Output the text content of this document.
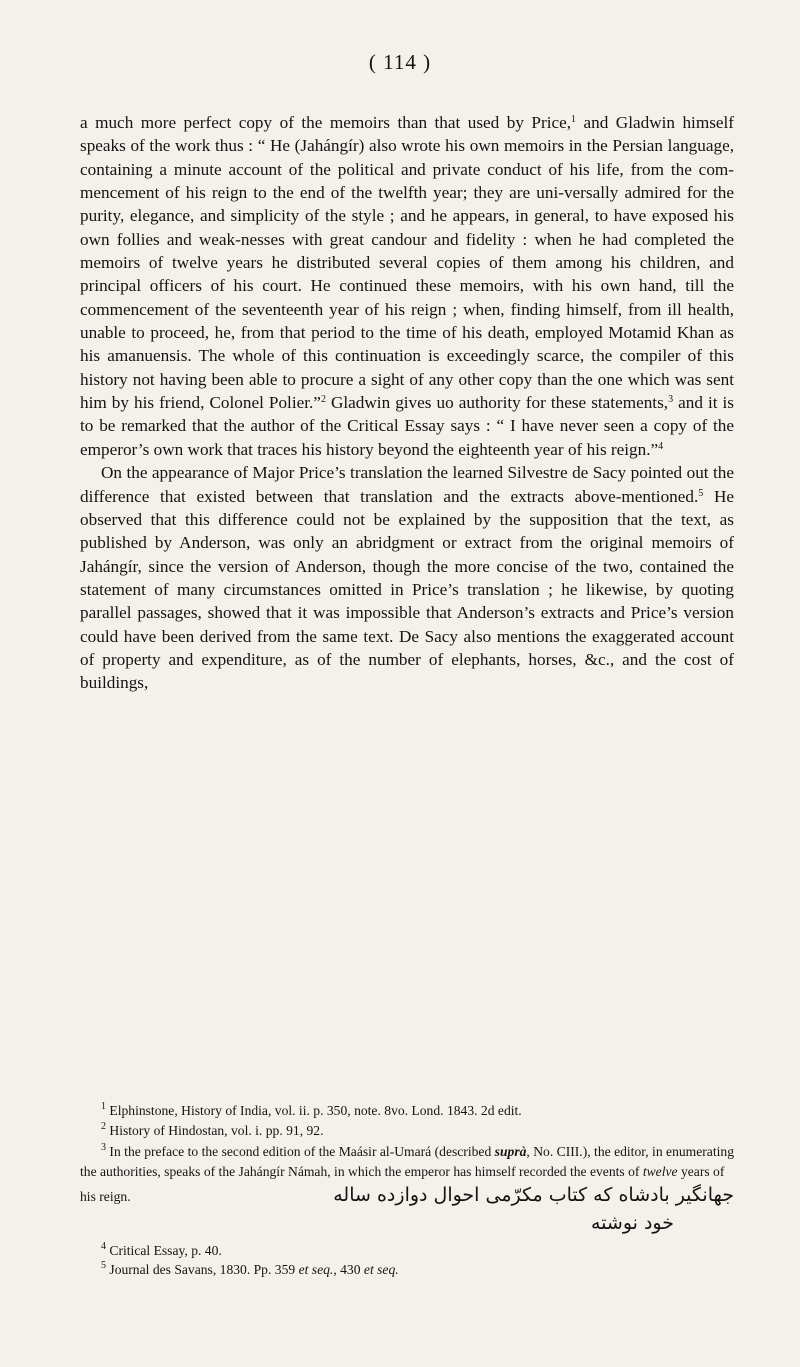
( 114 )

a much more perfect copy of the memoirs than that used by Price,$^1$ and Gladwin himself speaks of the work thus : “ He (Jahángír) also wrote his own memoirs in the Persian language, containing a minute account of the political and private conduct of his life, from the com-mencement of his reign to the end of the twelfth year; they are uni-versally admired for the purity, elegance, and simplicity of the style ; and he appears, in general, to have exposed his own follies and weak-nesses with great candour and fidelity : when he had completed the memoirs of twelve years he distributed several copies of them among his children, and principal officers of his court. He continued these memoirs, with his own hand, till the commencement of the seventeenth year of his reign ; when, finding himself, from ill health, unable to proceed, he, from that period to the time of his death, employed Motamid Khan as his amanuensis. The whole of this continuation is exceedingly scarce, the compiler of this history not having been able to procure a sight of any other copy than the one which was sent him by his friend, Colonel Polier.”$^2$ Gladwin gives uo authority for these statements,$^3$ and it is to be remarked that the author of the Critical Essay says : “ I have never seen a copy of the emperor’s own work that traces his history beyond the eighteenth year of his reign.”$^4$

On the appearance of Major Price’s translation the learned Silvestre de Sacy pointed out the difference that existed between that translation and the extracts above-mentioned.$^5$ He observed that this difference could not be explained by the supposition that the text, as published by Anderson, was only an abridgment or extract from the original memoirs of Jahángír, since the version of Anderson, though the more concise of the two, contained the statement of many circumstances omitted in Price’s translation ; he likewise, by quoting parallel passages, showed that it was impossible that Anderson’s extracts and Price’s version could have been derived from the same text. De Sacy also mentions the exaggerated account of property and expenditure, as of the number of elephants, horses, &c., and the cost of buildings,

$^1$ Elphinstone, History of India, vol. ii. p. 350, note. 8vo. Lond. 1843. 2d edit.

$^2$ History of Hindostan, vol. i. pp. 91, 92.

$^3$ In the preface to the second edition of the Maásir al-Umará (described suprà, No. CIII.), the editor, in enumerating the authorities, speaks of the Jahángír Námah, in which the emperor has himself recorded the events of twelve years of

his reign.	جهانگیر بادشاه که کتاب مکرّمی احوال دوازده ساله
خود نوشته

$^4$ Critical Essay, p. 40.

$^5$ Journal des Savans, 1830. Pp. 359 et seq., 430 et seq.
